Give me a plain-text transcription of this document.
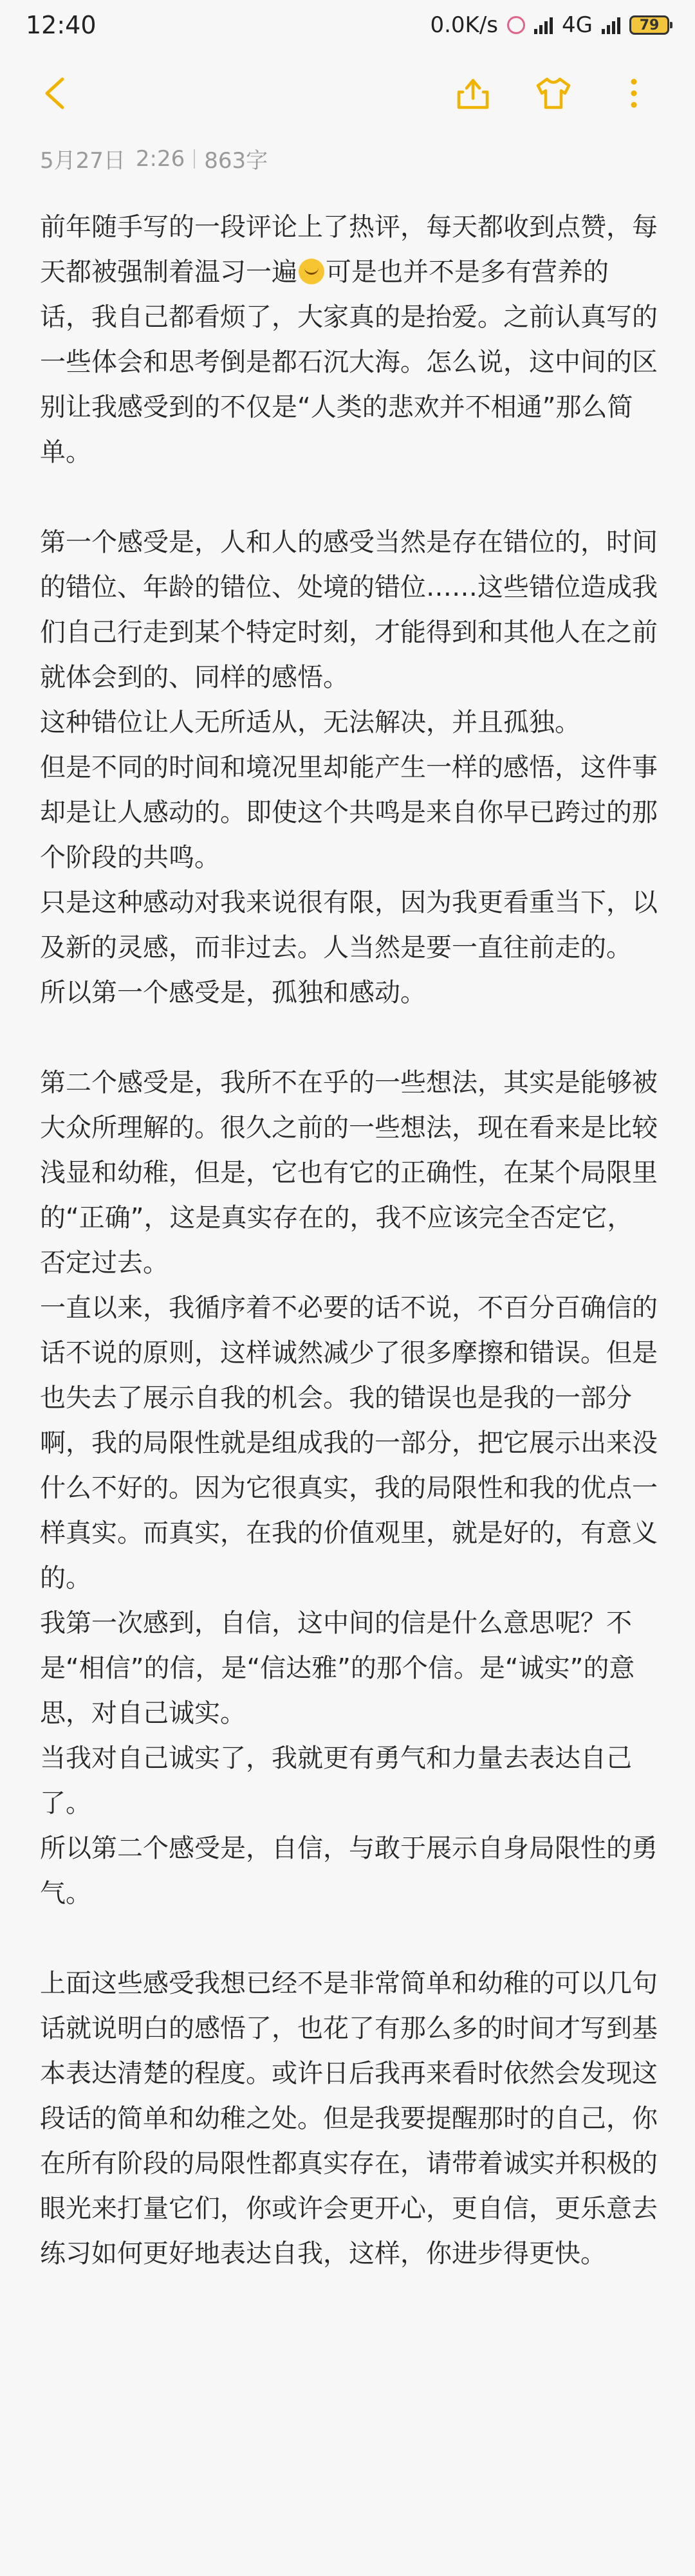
12:40	0.0K/s	4G	79
5月27日 2:26 863字

前年随手写的一段评论上了热评，每天都收到点赞，每天都被强制着温习一遍 可是也并不是多有营养的话，我自己都看烦了，大家真的是抬爱。之前认真写的一些体会和思考倒是都石沉大海。怎么说，这中间的区别让我感受到的不仅是“人类的悲欢并不相通”那么简单。

第一个感受是，人和人的感受当然是存在错位的，时间的错位、年龄的错位、处境的错位……这些错位造成我们自己行走到某个特定时刻，才能得到和其他人在之前就体会到的、同样的感悟。

这种错位让人无所适从，无法解决，并且孤独。

但是不同的时间和境况里却能产生一样的感悟，这件事却是让人感动的。即使这个共鸣是来自你早已跨过的那个阶段的共鸣。

只是这种感动对我来说很有限，因为我更看重当下，以及新的灵感，而非过去。人当然是要一直往前走的。

所以第一个感受是，孤独和感动。

第二个感受是，我所不在乎的一些想法，其实是能够被大众所理解的。很久之前的一些想法，现在看来是比较浅显和幼稚，但是，它也有它的正确性，在某个局限里的“正确”，这是真实存在的，我不应该完全否定它，否定过去。

一直以来，我循序着不必要的话不说，不百分百确信的话不说的原则，这样诚然减少了很多摩擦和错误。但是也失去了展示自我的机会。我的错误也是我的一部分啊，我的局限性就是组成我的一部分，把它展示出来没什么不好的。因为它很真实，我的局限性和我的优点一样真实。而真实，在我的价值观里，就是好的，有意义的。

我第一次感到，自信，这中间的信是什么意思呢？不是“相信”的信，是“信达雅”的那个信。是“诚实”的意思，对自己诚实。

当我对自己诚实了，我就更有勇气和力量去表达自己了。

所以第二个感受是，自信，与敢于展示自身局限性的勇气。

上面这些感受我想已经不是非常简单和幼稚的可以几句话就说明白的感悟了，也花了有那么多的时间才写到基本表达清楚的程度。或许日后我再来看时依然会发现这段话的简单和幼稚之处。但是我要提醒那时的自己，你在所有阶段的局限性都真实存在，请带着诚实并积极的眼光来打量它们，你或许会更开心，更自信，更乐意去练习如何更好地表达自我，这样，你进步得更快。
